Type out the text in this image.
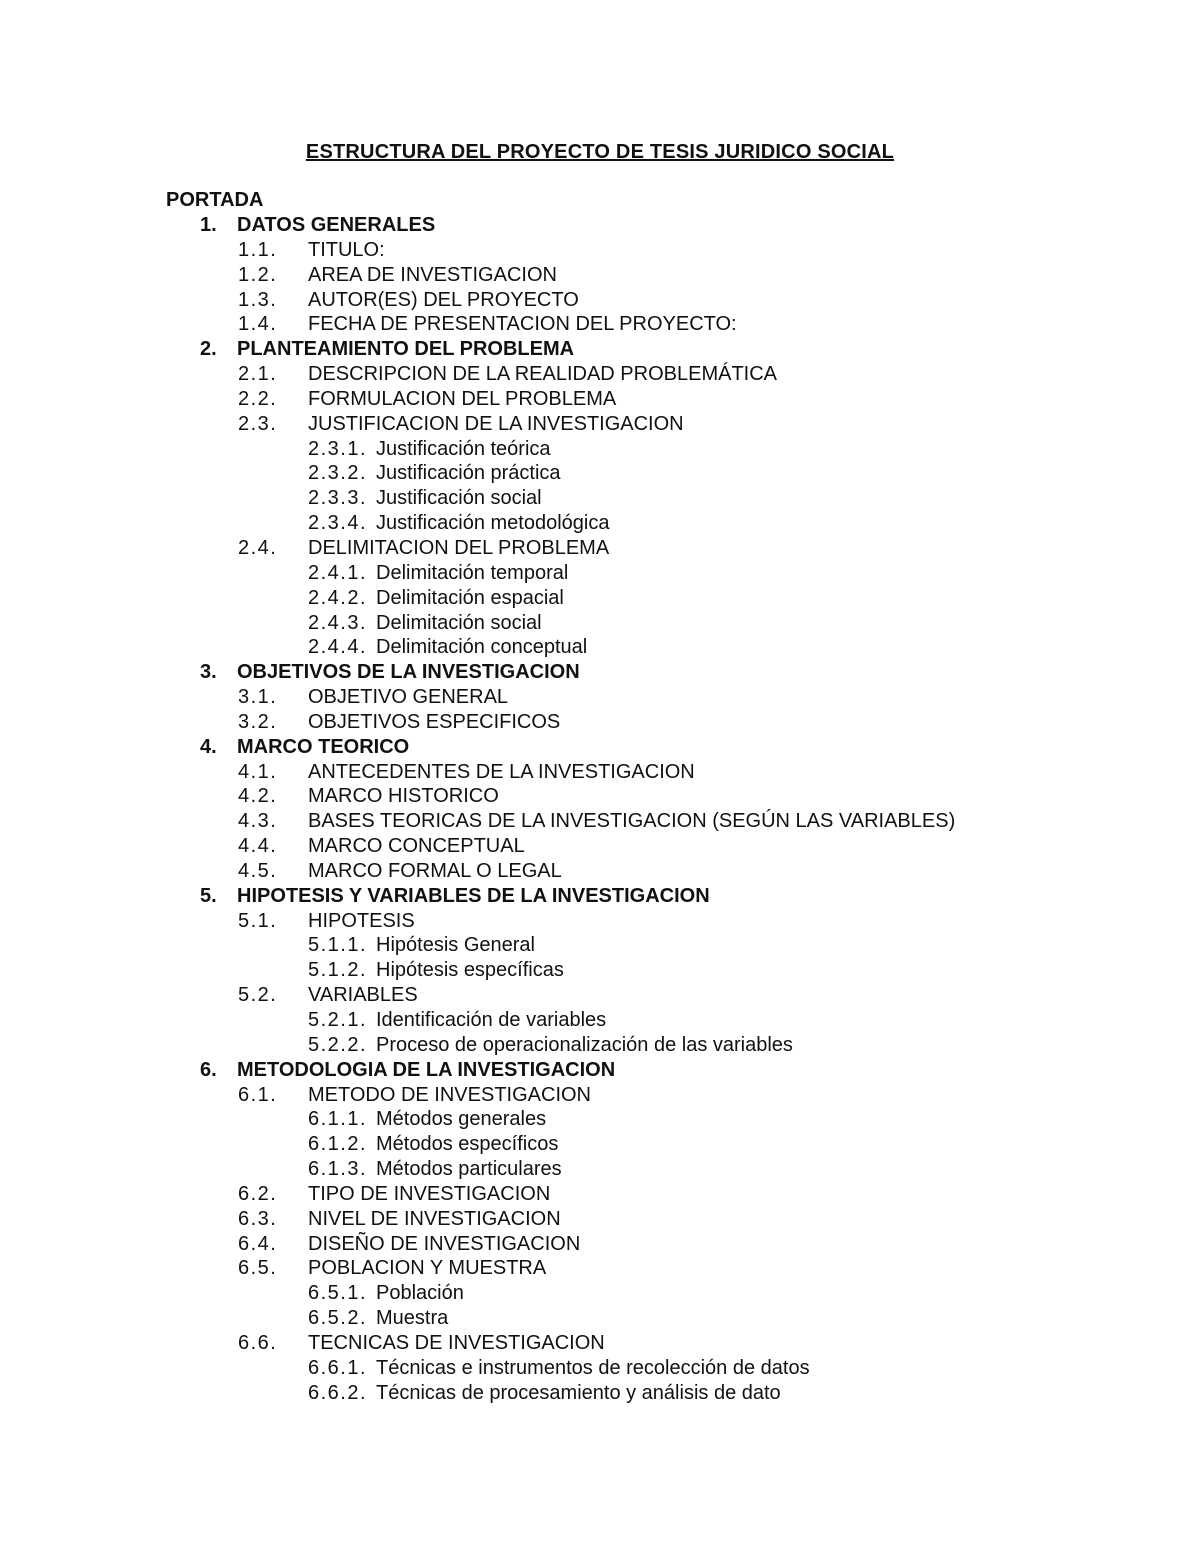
ESTRUCTURA DEL PROYECTO DE TESIS JURIDICO SOCIAL
PORTADA
1. DATOS GENERALES
1.1. TITULO:
1.2. AREA DE INVESTIGACION
1.3. AUTOR(ES) DEL PROYECTO
1.4. FECHA DE PRESENTACION DEL PROYECTO:
2. PLANTEAMIENTO DEL PROBLEMA
2.1. DESCRIPCION DE LA REALIDAD PROBLEMÁTICA
2.2. FORMULACION DEL PROBLEMA
2.3. JUSTIFICACION DE LA INVESTIGACION
2.3.1. Justificación teórica
2.3.2. Justificación práctica
2.3.3. Justificación social
2.3.4. Justificación metodológica
2.4. DELIMITACION DEL PROBLEMA
2.4.1. Delimitación temporal
2.4.2. Delimitación espacial
2.4.3. Delimitación social
2.4.4. Delimitación conceptual
3. OBJETIVOS DE LA INVESTIGACION
3.1. OBJETIVO GENERAL
3.2. OBJETIVOS ESPECIFICOS
4. MARCO TEORICO
4.1. ANTECEDENTES DE LA INVESTIGACION
4.2. MARCO HISTORICO
4.3. BASES TEORICAS DE LA INVESTIGACION (SEGÚN LAS VARIABLES)
4.4. MARCO CONCEPTUAL
4.5. MARCO FORMAL O LEGAL
5. HIPOTESIS Y VARIABLES DE LA INVESTIGACION
5.1. HIPOTESIS
5.1.1. Hipótesis General
5.1.2. Hipótesis específicas
5.2. VARIABLES
5.2.1. Identificación de variables
5.2.2. Proceso de operacionalización de las variables
6. METODOLOGIA DE LA INVESTIGACION
6.1. METODO DE INVESTIGACION
6.1.1. Métodos generales
6.1.2. Métodos específicos
6.1.3. Métodos particulares
6.2. TIPO DE INVESTIGACION
6.3. NIVEL DE INVESTIGACION
6.4. DISEÑO DE INVESTIGACION
6.5. POBLACION Y MUESTRA
6.5.1. Población
6.5.2. Muestra
6.6. TECNICAS DE INVESTIGACION
6.6.1. Técnicas e instrumentos de recolección de datos
6.6.2. Técnicas de procesamiento y análisis de dato
